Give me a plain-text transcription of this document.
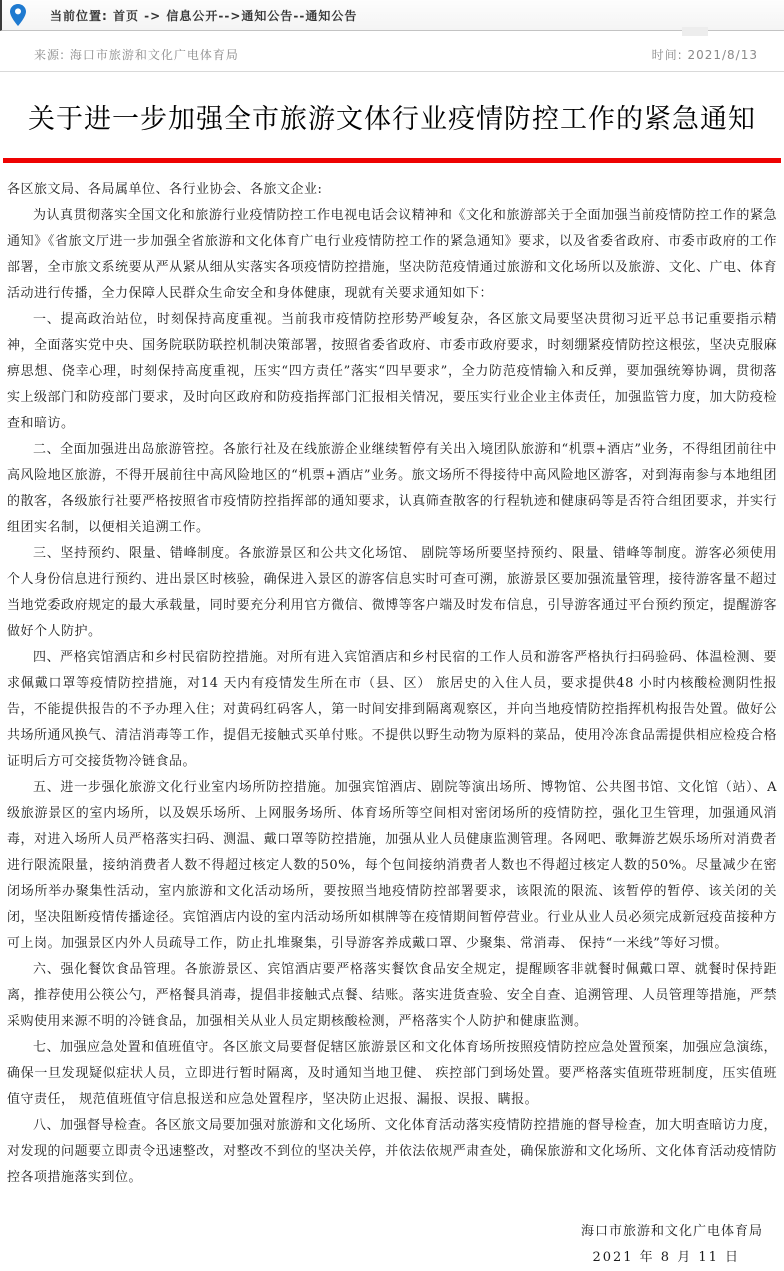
当前位置: 首页 -> 信息公开-->通知公告--通知公告
来源: 海口市旅游和文化广电体育局	时间: 2021/8/13
关于进一步加强全市旅游文体行业疫情防控工作的紧急通知

各区旅文局、各局属单位、各行业协会、各旅文企业:

为认真贯彻落实全国文化和旅游行业疫情防控工作电视电话会议精神和《文化和旅游部关于全面加强当前疫情防控工作的紧急通知》《省旅文厅进一步加强全省旅游和文化体育广电行业疫情防控工作的紧急通知》要求，以及省委省政府、市委市政府的工作部署，全市旅文系统要从严从紧从细从实落实各项疫情防控措施，坚决防范疫情通过旅游和文化场所以及旅游、文化、广电、体育活动进行传播，全力保障人民群众生命安全和身体健康，现就有关要求通知如下：

一、提高政治站位，时刻保持高度重视。当前我市疫情防控形势严峻复杂，各区旅文局要坚决贯彻习近平总书记重要指示精神，全面落实党中央、国务院联防联控机制决策部署，按照省委省政府、市委市政府要求，时刻绷紧疫情防控这根弦，坚决克服麻痹思想、侥幸心理，时刻保持高度重视，压实“四方责任”落实“四早要求”，全力防范疫情输入和反弹，要加强统筹协调，贯彻落实上级部门和防疫部门要求，及时向区政府和防疫指挥部门汇报相关情况，要压实行业企业主体责任，加强监管力度，加大防疫检查和暗访。

二、全面加强进出岛旅游管控。各旅行社及在线旅游企业继续暂停有关出入境团队旅游和“机票+酒店”业务，不得组团前往中高风险地区旅游，不得开展前往中高风险地区的“机票+酒店”业务。旅文场所不得接待中高风险地区游客，对到海南参与本地组团的散客，各级旅行社要严格按照省市疫情防控指挥部的通知要求，认真筛查散客的行程轨迹和健康码等是否符合组团要求，并实行组团实名制，以便相关追溯工作。

三、坚持预约、限量、错峰制度。各旅游景区和公共文化场馆、 剧院等场所要坚持预约、限量、错峰等制度。游客必须使用个人身份信息进行预约、进出景区时核验，确保进入景区的游客信息实时可查可溯，旅游景区要加强流量管理，接待游客量不超过当地党委政府规定的最大承载量，同时要充分利用官方微信、微博等客户端及时发布信息，引导游客通过平台预约预定，提醒游客做好个人防护。

四、严格宾馆酒店和乡村民宿防控措施。对所有进入宾馆酒店和乡村民宿的工作人员和游客严格执行扫码验码、体温检测、要求佩戴口罩等疫情防控措施，对14 天内有疫情发生所在市（县、区） 旅居史的入住人员，要求提供48 小时内核酸检测阴性报告，不能提供报告的不予办理入住；对黄码红码客人，第一时间安排到隔离观察区，并向当地疫情防控指挥机构报告处置。做好公共场所通风换气、清洁消毒等工作，提倡无接触式买单付账。不提供以野生动物为原料的菜品，使用冷冻食品需提供相应检疫合格证明后方可交接货物冷链食品。

五、进一步强化旅游文化行业室内场所防控措施。加强宾馆酒店、剧院等演出场所、博物馆、公共图书馆、文化馆（站）、A 级旅游景区的室内场所，以及娱乐场所、上网服务场所、体育场所等空间相对密闭场所的疫情防控，强化卫生管理，加强通风消毒，对进入场所人员严格落实扫码、测温、戴口罩等防控措施，加强从业人员健康监测管理。各网吧、歌舞游艺娱乐场所对消费者进行限流限量，接纳消费者人数不得超过核定人数的50%，每个包间接纳消费者人数也不得超过核定人数的50%。尽量减少在密闭场所举办聚集性活动，室内旅游和文化活动场所，要按照当地疫情防控部署要求，该限流的限流、该暂停的暂停、该关闭的关闭，坚决阻断疫情传播途径。宾馆酒店内设的室内活动场所如棋牌等在疫情期间暂停营业。行业从业人员必须完成新冠疫苗接种方可上岗。加强景区内外人员疏导工作，防止扎堆聚集，引导游客养成戴口罩、少聚集、常消毒、 保持“一米线”等好习惯。

六、强化餐饮食品管理。各旅游景区、宾馆酒店要严格落实餐饮食品安全规定，提醒顾客非就餐时佩戴口罩、就餐时保持距离，推荐使用公筷公勺，严格餐具消毒，提倡非接触式点餐、结账。落实进货查验、安全自查、追溯管理、人员管理等措施，严禁采购使用来源不明的冷链食品，加强相关从业人员定期核酸检测，严格落实个人防护和健康监测。

七、加强应急处置和值班值守。各区旅文局要督促辖区旅游景区和文化体育场所按照疫情防控应急处置预案，加强应急演练，确保一旦发现疑似症状人员，立即进行暂时隔离，及时通知当地卫健、 疾控部门到场处置。要严格落实值班带班制度，压实值班值守责任， 规范值班值守信息报送和应急处置程序，坚决防止迟报、漏报、误报、瞒报。

八、加强督导检查。各区旅文局要加强对旅游和文化场所、文化体育活动落实疫情防控措施的督导检查，加大明查暗访力度，对发现的问题要立即责令迅速整改，对整改不到位的坚决关停，并依法依规严肃查处，确保旅游和文化场所、文化体育活动疫情防控各项措施落实到位。

海口市旅游和文化广电体育局
2021 年 8 月 11 日
